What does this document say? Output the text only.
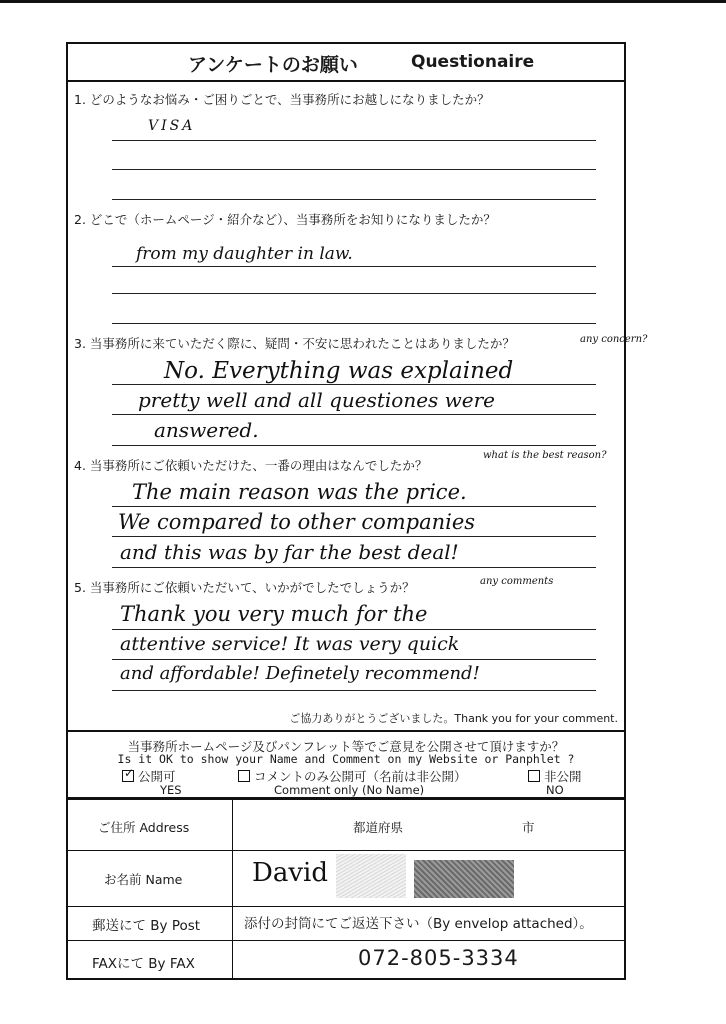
アンケートのお願い	Questionaire
1. どのようなお悩み・ご困りごとで、当事務所にお越しになりましたか？
VISA
2. どこで（ホームページ・紹介など）、当事務所をお知りになりましたか？
from my daughter in law.
3. 当事務所に来ていただく際に、疑問・不安に思われたことはありましたか？	any concern?
No. Everything was explained
pretty well and all questiones were
answered.
4. 当事務所にご依頼いただけた、一番の理由はなんでしたか？
what is the best reason?
The main reason was the price.
We compared to other companies
and this was by far the best deal!
5. 当事務所にご依頼いただいて、いかがでしたでしょうか？	any comments
Thank you very much for the
attentive service! It was very quick
and affordable! Definetely recommend!
ご協力ありがとうございました。Thank you for your comment.
当事務所ホームページ及びパンフレット等でご意見を公開させて頂けますか？
Is it OK to show your Name and Comment on my Website or Panphlet ?
✓ 公開可	コメントのみ公開可（名前は非公開）	非公開
YES	Comment only (No Name)	NO
ご住所 Address	都道府県	市
お名前 Name	David
郵送にて By Post	添付の封筒にてご返送下さい（By envelop attached）。
FAXにて By FAX	072-805-3334
